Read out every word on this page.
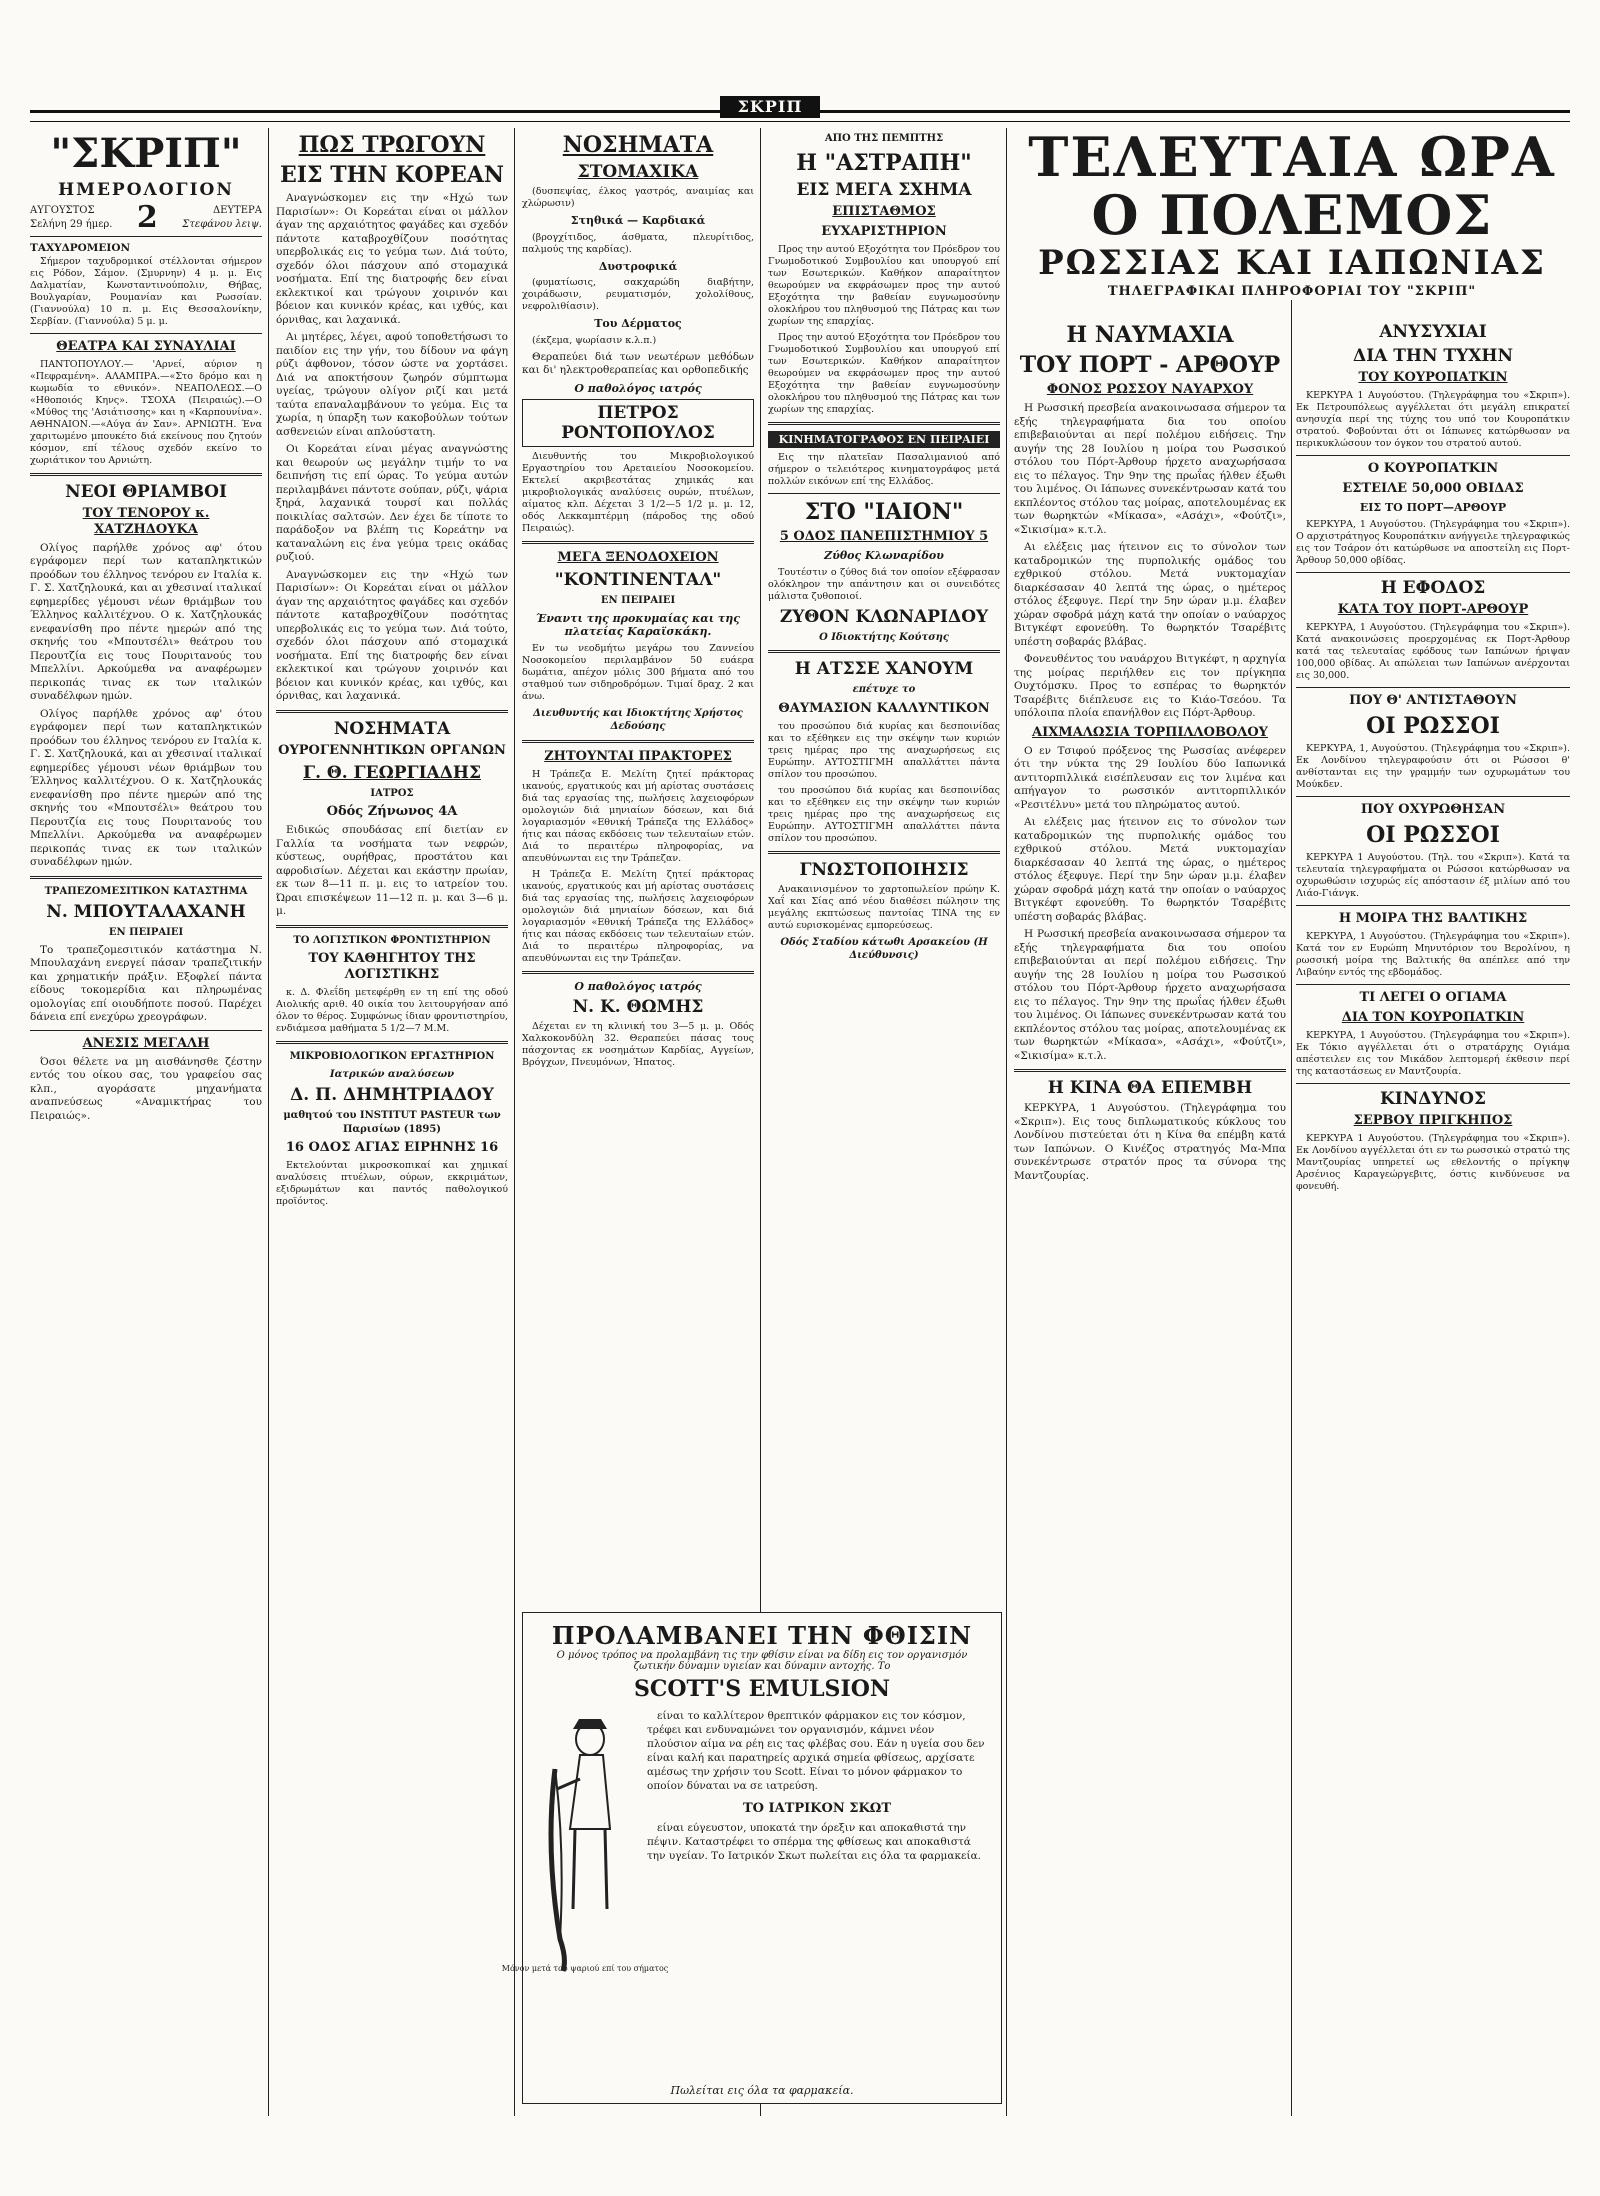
ΣΚΡΙΠ
"ΣΚΡΙΠ"
ΗΜΕΡΟΛΟΓΙΟΝ
ΑΥΓΟΥΣΤΟΣ
Σελήνη 29 ήμερ. 2	ΔΕΥΤΕΡΑ
Στεφάνου λειψ.
ΤΑΧΥΔΡΟΜΕΙΟΝ

Σήμερον ταχυδρομικοί στέλλονται σήμερον εις Ρόδον, Σάμον. (Σμυρνην) 4 μ. μ. Εις Δαλματίαν, Κωνσταντινούπολιν, Θήβας, Βουλγαρίαν, Ρουμανίαν και Ρωσσίαν. (Γιαννούλα) 10 π. μ. Εις Θεσσαλονίκην, Σερβίαν. (Γιαννούλα) 5 μ. μ.

ΘΕΑΤΡΑ ΚΑΙ ΣΥΝΑΥΛΙΑΙ

ΠΑΝΤΟΠΟΥΛΟΥ.— 'Αρνεί, αύριον η «Πεφραμένη». ΑΛΑΜΠΡΑ.—«Στο δρόμο και η κωμωδία το εθνικόν». ΝΕΑΠΟΛΕΩΣ.—Ο «Ηθοποιός Κηνς». ΤΣΟΧΑ (Πειραιώς).—Ο «Μύθος της 'Ασιάτισσης» και η «Καρπουνίνα». ΑΘΗΝΑΙΟΝ.—«Αύγα άν Σαν». ΑΡΝΙΩΤΗ. Ένα χαριτωμένο μπουκέτο διά εκείνους που ζητούν κόσμον, επί τέλους σχεδόν εκείνο το χωριάτικον του Αρνιώτη.

ΝΕΟΙ ΘΡΙΑΜΒΟΙ
ΤΟΥ ΤΕΝΟΡΟΥ κ. ΧΑΤΖΗΔΟΥΚΑ

Ολίγος παρήλθε χρόνος αφ' ότου εγράφομεν περί των καταπληκτικών προόδων του έλληνος τενόρου εν Ιταλία κ. Γ. Σ. Χατζηλουκά, και αι χθεσιναί ιταλικαί εφημερίδες γέμουσι νέων θριάμβων του Έλληνος καλλιτέχνου. Ο κ. Χατζηλουκάς ενεφανίσθη προ πέντε ημερών από της σκηνής του «Μπουτσέλι» θεάτρου του Περουτζία εις τους Πουριτανούς του Μπελλίνι. Αρκούμεθα να αναφέρωμεν περικοπάς τινας εκ των ιταλικών συναδέλφων ημών.

Ολίγος παρήλθε χρόνος αφ' ότου εγράφομεν περί των καταπληκτικών προόδων του έλληνος τενόρου εν Ιταλία κ. Γ. Σ. Χατζηλουκά, και αι χθεσιναί ιταλικαί εφημερίδες γέμουσι νέων θριάμβων του Έλληνος καλλιτέχνου. Ο κ. Χατζηλουκάς ενεφανίσθη προ πέντε ημερών από της σκηνής του «Μπουτσέλι» θεάτρου του Περουτζία εις τους Πουριτανούς του Μπελλίνι. Αρκούμεθα να αναφέρωμεν περικοπάς τινας εκ των ιταλικών συναδέλφων ημών.

ΤΡΑΠΕΖΟΜΕΣΙΤΙΚΟΝ ΚΑΤΑΣΤΗΜΑ
Ν. ΜΠΟΥΤΑΛΑΧΑΝΗ
ΕΝ ΠΕΙΡΑΙΕΙ

Το τραπεζομεσιτικόν κατάστημα Ν. Μπουλαχάνη ενεργεί πάσαν τραπεζιτικήν και χρηματικήν πράξιν. Εξοφλεί πάντα είδους τοκομερίδια και πληρωμένας ομολογίας επί οιουδήποτε ποσού. Παρέχει δάνεια επί ενεχύρω χρεογράφων.

ΑΝΕΣΙΣ ΜΕΓΑΛΗ

Όσοι θέλετε να μη αισθάνησθε ζέστην εντός του οίκου σας, του γραφείου σας κλπ., αγοράσατε μηχανήματα αναπνεύσεως «Αναμικτήρας του Πειραιώς».

ΠΩΣ ΤΡΩΓΟΥΝ
ΕΙΣ ΤΗΝ ΚΟΡΕΑΝ

Αναγνώσκομεν εις την «Ηχώ των Παρισίων»: Οι Κορεάται είναι οι μάλλον άγαν της αρχαιότητος φαγάδες και σχεδόν πάντοτε καταβροχθίζουν ποσότητας υπερβολικάς εις το γεύμα των. Διά τούτο, σχεδόν όλοι πάσχουν από στομαχικά νοσήματα. Επί της διατροφής δεν είναι εκλεκτικοί και τρώγουν χοιρινόν και βόειον και κυνικόν κρέας, και ιχθύς, και όρνιθας, και λαχανικά.

Αι μητέρες, λέγει, αφού τοποθετήσωσι το παιδίον εις την γήν, του δίδουν να φάγη ρύζι άφθονον, τόσον ώστε να χορτάσει. Διά να αποκτήσουν ζωηρόν σύμπτωμα υγείας, τρώγουν ολίγον ριζί και μετά ταύτα επαναλαμβάνουν το γεύμα. Εις τα χωρία, η ύπαρξη των κακοβούλων τούτων ασθενειών είναι απλούστατη.

Οι Κορεάται είναι μέγας αναγνώστης και θεωρούν ως μεγάλην τιμήν το να δειπνήση τις επί ώρας. Το γεύμα αυτών περιλαμβάνει πάντοτε σούπαν, ρύζι, ψάρια ξηρά, λαχανικά τουρσί και πολλάς ποικιλίας σαλτσών. Δεν έχει δε τίποτε το παράδοξον να βλέπη τις Κορεάτην να καταναλώνη εις ένα γεύμα τρεις οκάδας ρυζιού.

Αναγνώσκομεν εις την «Ηχώ των Παρισίων»: Οι Κορεάται είναι οι μάλλον άγαν της αρχαιότητος φαγάδες και σχεδόν πάντοτε καταβροχθίζουν ποσότητας υπερβολικάς εις το γεύμα των. Διά τούτο, σχεδόν όλοι πάσχουν από στομαχικά νοσήματα. Επί της διατροφής δεν είναι εκλεκτικοί και τρώγουν χοιρινόν και βόειον και κυνικόν κρέας, και ιχθύς, και όρνιθας, και λαχανικά.

ΝΟΣΗΜΑΤΑ
ΟΥΡΟΓΕΝΝΗΤΙΚΩΝ ΟΡΓΑΝΩΝ
Γ. Θ. ΓΕΩΡΓΙΑΔΗΣ
ΙΑΤΡΟΣ
Οδός Ζήνωνος 4Α

Ειδικώς σπουδάσας επί διετίαν εν Γαλλία τα νοσήματα των νεφρών, κύστεως, ουρήθρας, προστάτου και αφροδισίων. Δέχεται και εκάστην πρωίαν, εκ των 8—11 π. μ. εις το ιατρείον του. Ώραι επισκέψεων 11—12 π. μ. και 3—6 μ. μ.

ΤΟ ΛΟΓΙΣΤΙΚΟΝ ΦΡΟΝΤΙΣΤΗΡΙΟΝ
ΤΟΥ ΚΑΘΗΓΗΤΟΥ ΤΗΣ ΛΟΓΙΣΤΙΚΗΣ

κ. Δ. Φλεΐδη μετεφέρθη εν τη επί της οδού Αιολικής αριθ. 40 οικία του λειτουργήσαν από όλον το θέρος. Συμφώνως ίδιαν φροντιστηρίου, ενδιάμεσα μαθήματα 5 1/2—7 Μ.Μ.

ΜΙΚΡΟΒΙΟΛΟΓΙΚΟΝ ΕΡΓΑΣΤΗΡΙΟΝ
Ιατρικών αναλύσεων
Δ. Π. ΔΗΜΗΤΡΙΑΔΟΥ
μαθητού του INSTITUT PASTEUR των Παρισίων (1895)
16 ΟΔΟΣ ΑΓΙΑΣ ΕΙΡΗΝΗΣ 16

Εκτελούνται μικροσκοπικαί και χημικαί αναλύσεις πτυέλων, ούρων, εκκριμάτων, εξιδρωμάτων και παντός παθολογικού προϊόντος.

ΝΟΣΗΜΑΤΑ
ΣΤΟΜΑΧΙΚΑ

(δυσπεψίας, έλκος γαστρός, αναιμίας και χλώρωσιν)

Στηθικά — Καρδιακά

(βρογχίτιδος, άσθματα, πλευρίτιδος, παλμούς της καρδίας).

Δυστροφικά

(φυματίωσις, σακχαρώδη διαβήτην, χοιράδωσιν, ρευματισμόν, χολολίθους, νεφρολιθίασιν).

Του Δέρματος

(έκζεμα, ψωρίασιν κ.λ.π.)

Θεραπεύει διά των νεωτέρων μεθόδων και δι' ηλεκτροθεραπείας και ορθοπεδικής

Ο παθολόγος ιατρός
ΠΕΤΡΟΣ ΡΟΝΤΟΠΟΥΛΟΣ

Διευθυντής του Μικροβιολογικού Εργαστηρίου του Αρεταιείου Νοσοκομείου. Εκτελεί ακριβεστάτας χημικάς και μικροβιολογικάς αναλύσεις ουρών, πτυέλων, αίματος κλπ. Δέχεται 3 1/2—5 1/2 μ. μ. 12, οδός Λεκκαμπτέρμη (πάροδος της οδού Πειραιώς).

ΜΕΓΑ ΞΕΝΟΔΟΧΕΙΟΝ
"ΚΟΝΤΙΝΕΝΤΑΛ"
ΕΝ ΠΕΙΡΑΙΕΙ
Έναντι της προκυμαίας και της πλατείας Καραϊσκάκη.

Εν τω νεοδμήτω μεγάρω του Ζαννείου Νοσοκομείου περιλαμβάνον 50 ευάερα δωμάτια, απέχον μόλις 300 βήματα από του σταθμού των σιδηροδρόμων. Τιμαί δραχ. 2 και άνω.

Διευθυντής και Ιδιοκτήτης Χρήστος Δεδούσης
ΖΗΤΟΥΝΤΑΙ ΠΡΑΚΤΟΡΕΣ

Η Τράπεζα Ε. Μελίτη ζητεί πράκτορας ικανούς, εργατικούς και μή αρίστας συστάσεις διά τας εργασίας της, πωλήσεις λαχειοφόρων ομολογιών διά μηνιαίων δόσεων, και διά λογαριασμόν «Εθνική Τράπεζα της Ελλάδος» ήτις και πάσας εκδόσεις των τελευταίων ετών. Διά το περαιτέρω πληροφορίας, να απευθύνωνται εις την Τράπεζαν.

Η Τράπεζα Ε. Μελίτη ζητεί πράκτορας ικανούς, εργατικούς και μή αρίστας συστάσεις διά τας εργασίας της, πωλήσεις λαχειοφόρων ομολογιών διά μηνιαίων δόσεων, και διά λογαριασμόν «Εθνική Τράπεζα της Ελλάδος» ήτις και πάσας εκδόσεις των τελευταίων ετών. Διά το περαιτέρω πληροφορίας, να απευθύνωνται εις την Τράπεζαν.

Ο παθολόγος ιατρός
Ν. Κ. ΘΩΜΗΣ

Δέχεται εν τη κλινική του 3—5 μ. μ. Οδός Χαλκοκονδύλη 32. Θεραπεύει πάσας τους πάσχοντας εκ νοσημάτων Καρδίας, Αγγείων, Βρόγχων, Πνευμόνων, Ήπατος.

ΑΠΟ ΤΗΣ ΠΕΜΠΤΗΣ
Η "ΑΣΤΡΑΠΗ"
ΕΙΣ ΜΕΓΑ ΣΧΗΜΑ
ΕΠΙΣΤΑΘΜΟΣ
ΕΥΧΑΡΙΣΤΗΡΙΟΝ

Προς την αυτού Εξοχότητα τον Πρόεδρον του Γνωμοδοτικού Συμβουλίου και υπουργού επί των Εσωτερικών. Καθήκον απαραίτητον θεωρούμεν να εκφράσωμεν προς την αυτού Εξοχότητα την βαθείαν ευγνωμοσύνην ολοκλήρου του πληθυσμού της Πάτρας και των χωρίων της επαρχίας.

Προς την αυτού Εξοχότητα τον Πρόεδρον του Γνωμοδοτικού Συμβουλίου και υπουργού επί των Εσωτερικών. Καθήκον απαραίτητον θεωρούμεν να εκφράσωμεν προς την αυτού Εξοχότητα την βαθείαν ευγνωμοσύνην ολοκλήρου του πληθυσμού της Πάτρας και των χωρίων της επαρχίας.

ΚΙΝΗΜΑΤΟΓΡΑΦΟΣ ΕΝ ΠΕΙΡΑΙΕΙ

Εις την πλατεῖαν Πασαλιμανιού από σήμερον ο τελειότερος κινηματογράφος μετά πολλών εικόνων επί της Ελλάδος.

ΣΤΟ "ΙΑΙΟΝ"
5 ΟΔΟΣ ΠΑΝΕΠΙΣΤΗΜΙΟΥ 5
Ζύθος Κλωναρίδου

Τουτέστιν ο ζύθος διά τον οποίον εξέφρασαν ολόκληρον την απάντησιν και οι συνειδότες μάλιστα ζυθοποιοί.

ΖΥΘΟΝ ΚΛΩΝΑΡΙΔΟΥ
Ο Ιδιοκτήτης Κούτσης
Η ΑΤΣΣΕ ΧΑΝΟΥΜ
επέτυχε το
ΘΑΥΜΑΣΙΟΝ ΚΑΛΛΥΝΤΙΚΟΝ

του προσώπου διά κυρίας και δεσποινίδας και το εξέθηκεν εις την σκέψην των κυριών τρεις ημέρας προ της αναχωρήσεως εις Ευρώπην. ΑΥΤΟΣΤΙΓΜΗ απαλλάττει πάντα σπίλον του προσώπου.

του προσώπου διά κυρίας και δεσποινίδας και το εξέθηκεν εις την σκέψην των κυριών τρεις ημέρας προ της αναχωρήσεως εις Ευρώπην. ΑΥΤΟΣΤΙΓΜΗ απαλλάττει πάντα σπίλον του προσώπου.

ΓΝΩΣΤΟΠΟΙΗΣΙΣ

Ανακαινισμένον το χαρτοπωλείον πρώην Κ. Χαΐ και Σίας από νέου διαθέσει πώλησιν της μεγάλης εκπτώσεως παντοίας TINA της εν αυτώ ευρισκομένας εμπορεύσεως.

Οδός Σταδίου κάτωθι Αρσακείου (Η Διεύθυνσις)
ΠΡΟΛΑΜΒΑΝΕΙ ΤΗΝ ΦΘΙΣΙΝ
Ο μόνος τρόπος να προλαμβάνη τις την φθίσιν είναι να δίδη εις τον οργανισμόν ζωτικήν δύναμιν υγιείαν και δύναμιν αντοχής. Το
SCOTT'S EMULSION
Μόνον μετά του ψαριού επί του σήματος

είναι το καλλίτερον θρεπτικόν φάρμακον εις τον κόσμον, τρέφει και ενδυναμώνει τον οργανισμόν, κάμνει νέον πλούσιον αίμα να ρέη εις τας φλέβας σου. Εάν η υγεία σου δεν είναι καλή και παρατηρείς αρχικά σημεία φθίσεως, αρχίσατε αμέσως την χρήσιν του Scott. Είναι το μόνον φάρμακον το οποίον δύναται να σε ιατρεύση.

ΤΟ ΙΑΤΡΙΚΟΝ ΣΚΩΤ

είναι εύγευστον, υποκατά την όρεξιν και αποκαθιστά την πέψιν. Καταστρέφει το σπέρμα της φθίσεως και αποκαθιστά την υγείαν. Το Ιατρικόν Σκωτ πωλείται εις όλα τα φαρμακεία.

Πωλείται εις όλα τα φαρμακεία.
ΤΕΛΕΥΤΑΙΑ ΩΡΑ
Ο ΠΟΛΕΜΟΣ
ΡΩΣΣΙΑΣ ΚΑΙ ΙΑΠΩΝΙΑΣ
ΤΗΛΕΓΡΑΦΙΚΑΙ ΠΛΗΡΟΦΟΡΙΑΙ ΤΟΥ "ΣΚΡΙΠ"
Η ΝΑΥΜΑΧΙΑ
ΤΟΥ ΠΟΡΤ - ΑΡΘΟΥΡ
ΦΟΝΟΣ ΡΩΣΣΟΥ ΝΑΥΑΡΧΟΥ

Η Ρωσσική πρεσβεία ανακοινωσασα σήμερον τα εξής τηλεγραφήματα δια του οποίου επιβεβαιούνται αι περί πολέμου ειδήσεις. Την αυγήν της 28 Ιουλίου η μοίρα του Ρωσσικού στόλου του Πόρτ-Άρθουρ ήρχετο αναχωρήσασα εις το πέλαγος. Την 9ην της πρωΐας ήλθεν έξωθι του λιμένος. Οι Ιάπωνες συνεκέντρωσαν κατά του εκπλέοντος στόλου τας μοίρας, αποτελουμένας εκ των θωρηκτών «Μίκασα», «Ασάχι», «Φούτζι», «Σικισίμα» κ.τ.λ.

Αι ελέξεις μας ήτεινον εις το σύνολον των καταδρομικών της πυρπολικής ομάδος του εχθρικού στόλου. Μετά νυκτομαχίαν διαρκέσασαν 40 λεπτά της ώρας, ο ημέτερος στόλος έξεφυγε. Περί την 5ην ώραν μ.μ. έλαβεν χώραν σφοδρά μάχη κατά την οποίαν ο ναύαρχος Βιτγκέφτ εφονεύθη. Το θωρηκτόν Τσαρέβιτς υπέστη σοβαράς βλάβας.

Φονευθέντος του ναυάρχου Βιτγκέφτ, η αρχηγία της μοίρας περιήλθεν εις τον πρίγκηπα Ουχτόμσκυ. Προς το εσπέρας το θωρηκτόν Τσαρέβιτς διέπλευσε εις το Κιάο-Τσεόου. Τα υπόλοιπα πλοία επανήλθον εις Πόρτ-Άρθουρ.

ΑΙΧΜΑΛΩΣΙΑ ΤΟΡΠΙΛΛΟΒΟΛΟΥ

Ο εν Τσιφού πρόξενος της Ρωσσίας ανέφερεν ότι την νύκτα της 29 Ιουλίου δύο Ιαπωνικά αντιτορπιλλικά εισέπλευσαν εις τον λιμένα και απήγαγον το ρωσσικόν αντιτορπιλλικόν «Ρεσιτέλνυ» μετά του πληρώματος αυτού.

Αι ελέξεις μας ήτεινον εις το σύνολον των καταδρομικών της πυρπολικής ομάδος του εχθρικού στόλου. Μετά νυκτομαχίαν διαρκέσασαν 40 λεπτά της ώρας, ο ημέτερος στόλος έξεφυγε. Περί την 5ην ώραν μ.μ. έλαβεν χώραν σφοδρά μάχη κατά την οποίαν ο ναύαρχος Βιτγκέφτ εφονεύθη. Το θωρηκτόν Τσαρέβιτς υπέστη σοβαράς βλάβας.

Η Ρωσσική πρεσβεία ανακοινωσασα σήμερον τα εξής τηλεγραφήματα δια του οποίου επιβεβαιούνται αι περί πολέμου ειδήσεις. Την αυγήν της 28 Ιουλίου η μοίρα του Ρωσσικού στόλου του Πόρτ-Άρθουρ ήρχετο αναχωρήσασα εις το πέλαγος. Την 9ην της πρωΐας ήλθεν έξωθι του λιμένος. Οι Ιάπωνες συνεκέντρωσαν κατά του εκπλέοντος στόλου τας μοίρας, αποτελουμένας εκ των θωρηκτών «Μίκασα», «Ασάχι», «Φούτζι», «Σικισίμα» κ.τ.λ.

Η ΚΙΝΑ ΘΑ ΕΠΕΜΒΗ

ΚΕΡΚΥΡΑ, 1 Αυγούστου. (Τηλεγράφημα του «Σκριπ»). Εις τους διπλωματικούς κύκλους του Λονδίνου πιστεύεται ότι η Κίνα θα επέμβη κατά των Ιαπώνων. Ο Κινέζος στρατηγός Μα-Μπα συνεκέντρωσε στρατόν προς τα σύνορα της Μαντζουρίας.

ΑΝΥΣΥΧΙΑΙ
ΔΙΑ ΤΗΝ ΤΥΧΗΝ
ΤΟΥ ΚΟΥΡΟΠΑΤΚΙΝ

ΚΕΡΚΥΡΑ 1 Αυγούστου. (Τηλεγράφημα του «Σκριπ»). Εκ Πετρουπόλεως αγγέλλεται ότι μεγάλη επικρατεί ανησυχία περί της τύχης του υπό τον Κουροπάτκιν στρατού. Φοβούνται ότι οι Ιάπωνες κατώρθωσαν να περικυκλώσουν τον όγκον του στρατού αυτού.

Ο ΚΟΥΡΟΠΑΤΚΙΝ
ΕΣΤΕΙΛΕ 50,000 ΟΒΙΔΑΣ
ΕΙΣ ΤΟ ΠΟΡΤ—ΑΡΘΟΥΡ

ΚΕΡΚΥΡΑ, 1 Αυγούστου. (Τηλεγράφημα του «Σκριπ»). Ο αρχιστράτηγος Κουροπάτκιν ανήγγειλε τηλεγραφικώς εις τον Τσάρον ότι κατώρθωσε να αποστείλη εις Πορτ-Άρθουρ 50,000 οβίδας.

Η ΕΦΟΔΟΣ
ΚΑΤΑ ΤΟΥ ΠΟΡΤ-ΑΡΘΟΥΡ

ΚΕΡΚΥΡΑ, 1 Αυγούστου. (Τηλεγράφημα του «Σκριπ»). Κατά ανακοινώσεις προερχομένας εκ Πορτ-Άρθουρ κατά τας τελευταίας εφόδους των Ιαπώνων ήριψαν 100,000 οβίδας. Αι απώλειαι των Ιαπώνων ανέρχονται εις 30,000.

ΠΟΥ Θ' ΑΝΤΙΣΤΑΘΟΥΝ
ΟΙ ΡΩΣΣΟΙ

ΚΕΡΚΥΡΑ, 1, Αυγούστου. (Τηλεγράφημα του «Σκριπ»). Εκ Λονδίνου τηλεγραφούσιν ότι οι Ρώσσοι θ' ανθίστανται εις την γραμμήν των οχυρωμάτων του Μούκδεν.

ΠΟΥ ΟΧΥΡΩΘΗΣΑΝ
ΟΙ ΡΩΣΣΟΙ

ΚΕΡΚΥΡΑ 1 Αυγούστου. (Τηλ. του «Σκριπ»). Κατά τα τελευταία τηλεγραφήματα οι Ρώσσοι κατώρθωσαν να οχυρωθώσιν ισχυρώς είς απόστασιν έξ μιλίων από του Λιάο-Γιάνγκ.

Η ΜΟΙΡΑ ΤΗΣ ΒΑΛΤΙΚΗΣ

ΚΕΡΚΥΡΑ, 1 Αυγούστου. (Τηλεγράφημα του «Σκριπ»). Κατά τον εν Ευρώπη Μηνυτόριον του Βερολίνου, η ρωσσική μοίρα της Βαλτικής θα απέπλεε από την Λιβαύην εντός της εβδομάδος.

ΤΙ ΛΕΓΕΙ Ο ΟΓΙΑΜΑ
ΔΙΑ ΤΟΝ ΚΟΥΡΟΠΑΤΚΙΝ

ΚΕΡΚΥΡΑ, 1 Αυγούστου. (Τηλεγράφημα του «Σκριπ»). Εκ Τόκιο αγγέλλεται ότι ο στρατάρχης Ογιάμα απέστειλεν εις τον Μικάδον λεπτομερή έκθεσιν περί της καταστάσεως εν Μαντζουρία.

ΚΙΝΔΥΝΟΣ
ΣΕΡΒΟΥ ΠΡΙΓΚΗΠΟΣ

ΚΕΡΚΥΡΑ 1 Αυγούστου. (Τηλεγράφημα του «Σκριπ»). Εκ Λονδίνου αγγέλλεται ότι εν τω ρωσσικώ στρατώ της Μαντζουρίας υπηρετεί ως εθελοντής ο πρίγκηψ Αρσένιος Καραγεώργεβιτς, όστις κινδύνευσε να φονευθή.
